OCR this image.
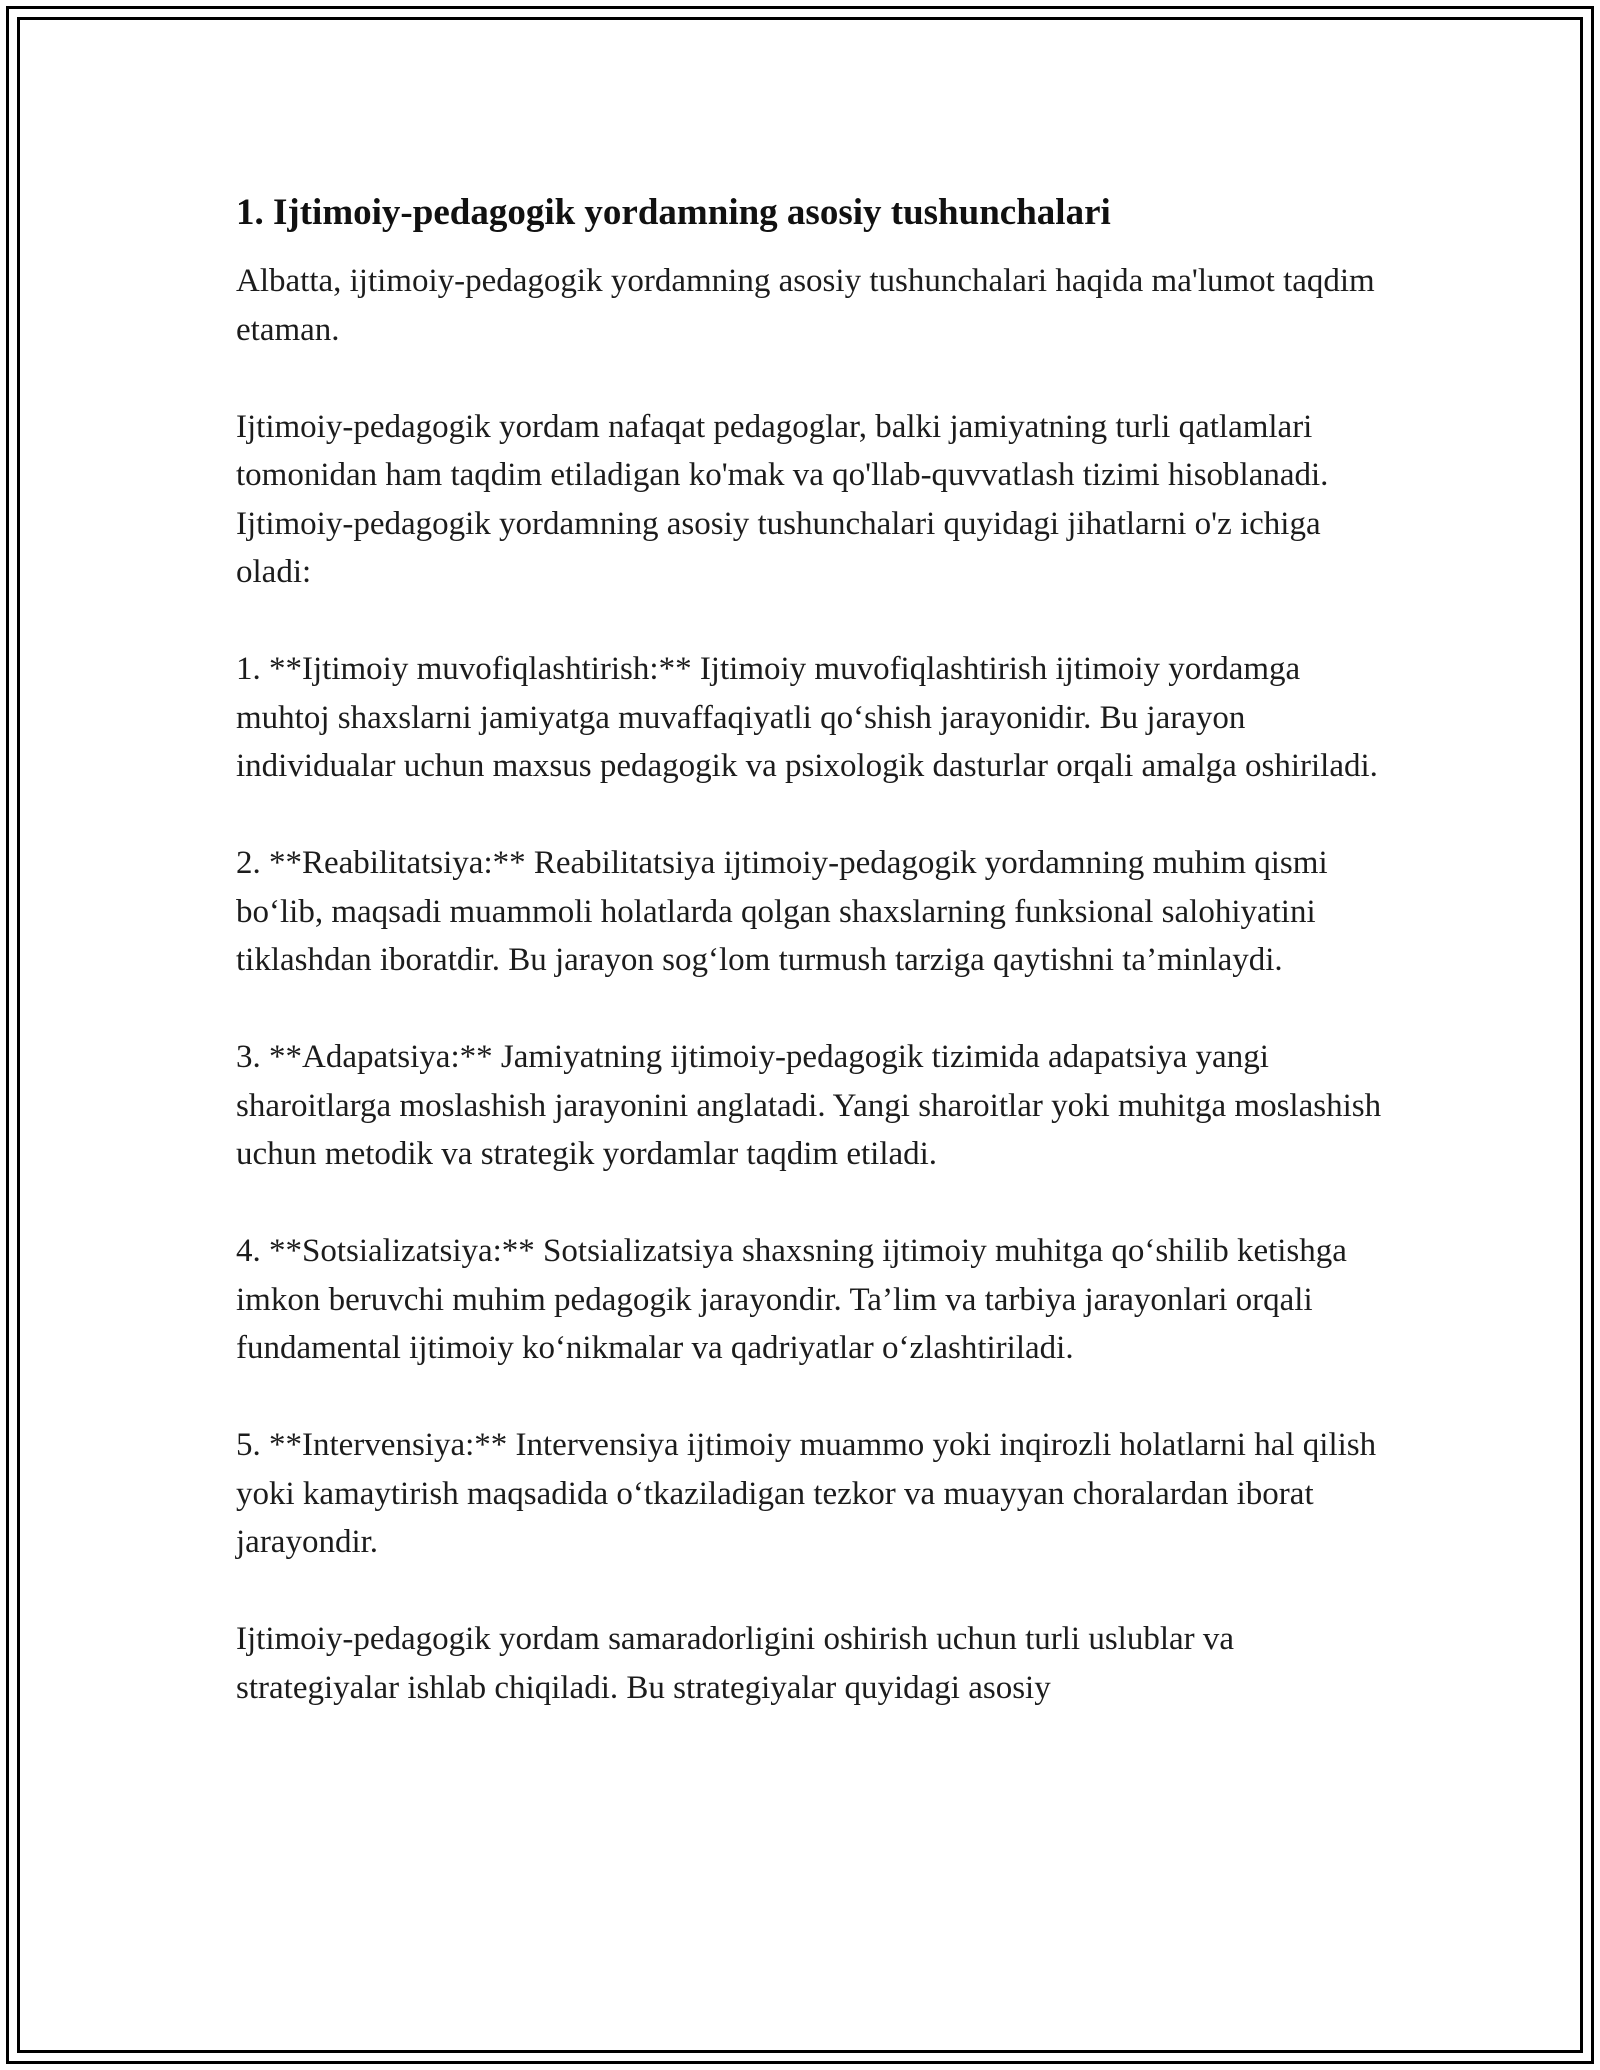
1. Ijtimoiy-pedagogik yordamning asosiy tushunchalari

Albatta, ijtimoiy-pedagogik yordamning asosiy tushunchalari haqida ma'lumot taqdim etaman.

Ijtimoiy-pedagogik yordam nafaqat pedagoglar, balki jamiyatning turli qatlamlari tomonidan ham taqdim etiladigan ko'mak va qo'llab-quvvatlash tizimi hisoblanadi. Ijtimoiy-pedagogik yordamning asosiy tushunchalari quyidagi jihatlarni o'z ichiga oladi:

1. **Ijtimoiy muvofiqlashtirish:** Ijtimoiy muvofiqlashtirish ijtimoiy yordamga muhtoj shaxslarni jamiyatga muvaffaqiyatli qo‘shish jarayonidir. Bu jarayon individualar uchun maxsus pedagogik va psixologik dasturlar orqali amalga oshiriladi.

2. **Reabilitatsiya:** Reabilitatsiya ijtimoiy-pedagogik yordamning muhim qismi bo‘lib, maqsadi muammoli holatlarda qolgan shaxslarning funksional salohiyatini tiklashdan iboratdir. Bu jarayon sog‘lom turmush tarziga qaytishni ta’minlaydi.

3. **Adapatsiya:** Jamiyatning ijtimoiy-pedagogik tizimida adapatsiya yangi sharoitlarga moslashish jarayonini anglatadi. Yangi sharoitlar yoki muhitga moslashish uchun metodik va strategik yordamlar taqdim etiladi.

4. **Sotsializatsiya:** Sotsializatsiya shaxsning ijtimoiy muhitga qo‘shilib ketishga imkon beruvchi muhim pedagogik jarayondir. Ta’lim va tarbiya jarayonlari orqali fundamental ijtimoiy ko‘nikmalar va qadriyatlar o‘zlashtiriladi.

5. **Intervensiya:** Intervensiya ijtimoiy muammo yoki inqirozli holatlarni hal qilish yoki kamaytirish maqsadida o‘tkaziladigan tezkor va muayyan choralardan iborat jarayondir.

Ijtimoiy-pedagogik yordam samaradorligini oshirish uchun turli uslublar va strategiyalar ishlab chiqiladi. Bu strategiyalar quyidagi asosiy
